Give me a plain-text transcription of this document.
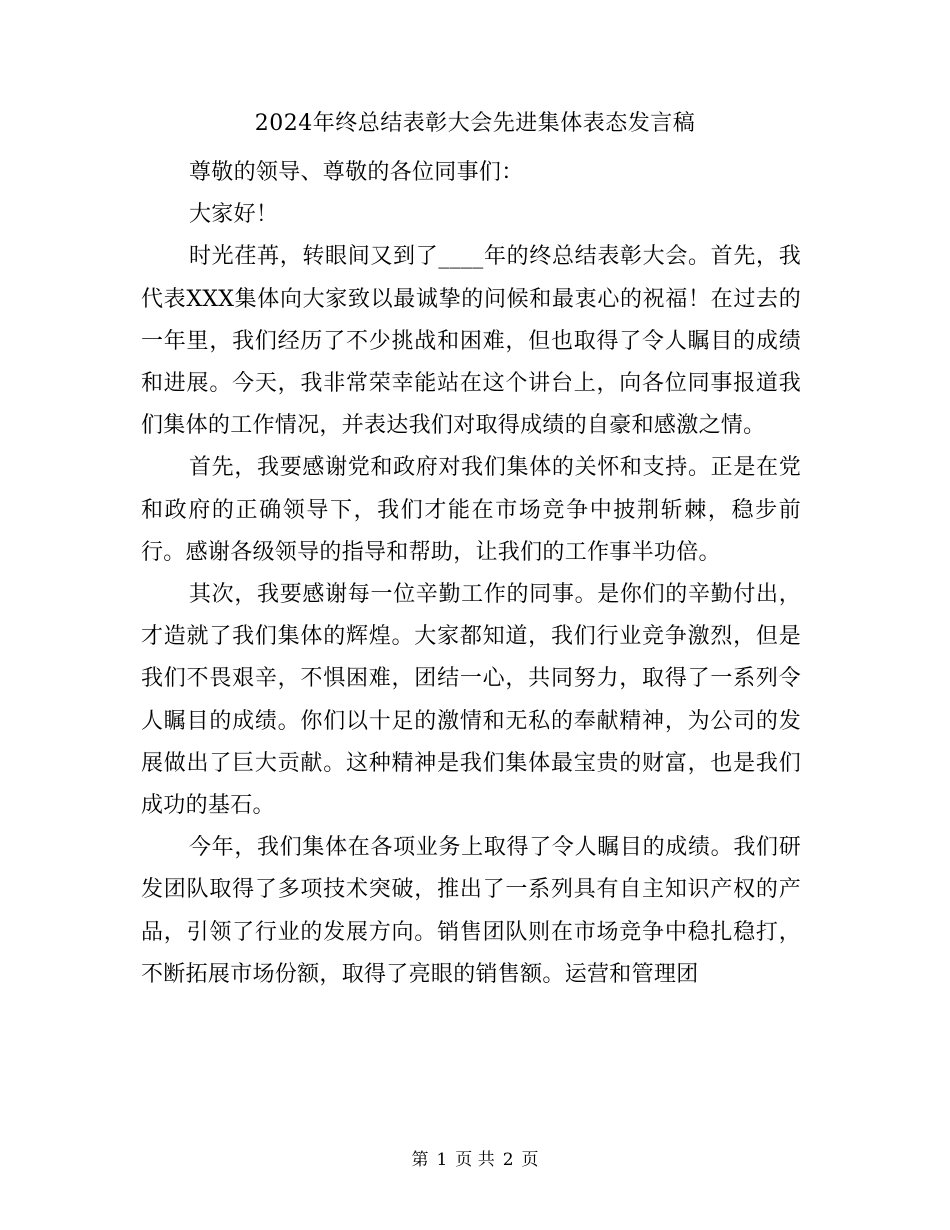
2024年终总结表彰大会先进集体表态发言稿

尊敬的领导、尊敬的各位同事们：

大家好！

时光荏苒，转眼间又到了____年的终总结表彰大会。首先，我代表XXX集体向大家致以最诚挚的问候和最衷心的祝福！在过去的一年里，我们经历了不少挑战和困难，但也取得了令人瞩目的成绩和进展。今天，我非常荣幸能站在这个讲台上，向各位同事报道我们集体的工作情况，并表达我们对取得成绩的自豪和感激之情。

首先，我要感谢党和政府对我们集体的关怀和支持。正是在党和政府的正确领导下，我们才能在市场竞争中披荆斩棘，稳步前行。感谢各级领导的指导和帮助，让我们的工作事半功倍。

其次，我要感谢每一位辛勤工作的同事。是你们的辛勤付出，才造就了我们集体的辉煌。大家都知道，我们行业竞争激烈，但是我们不畏艰辛，不惧困难，团结一心，共同努力，取得了一系列令人瞩目的成绩。你们以十足的激情和无私的奉献精神，为公司的发展做出了巨大贡献。这种精神是我们集体最宝贵的财富，也是我们成功的基石。

今年，我们集体在各项业务上取得了令人瞩目的成绩。我们研发团队取得了多项技术突破，推出了一系列具有自主知识产权的产品，引领了行业的发展方向。销售团队则在市场竞争中稳扎稳打，不断拓展市场份额，取得了亮眼的销售额。运营和管理团

第 1 页 共 2 页
